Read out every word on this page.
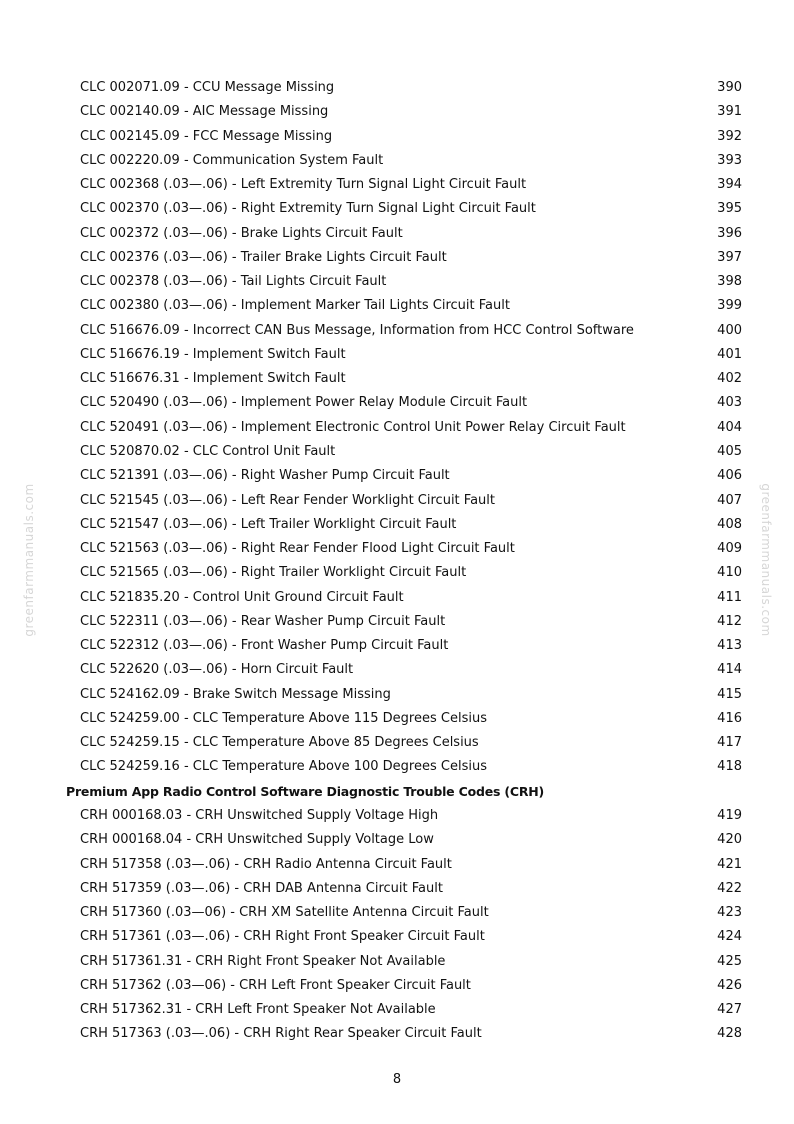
greenfarmmanuals.com	greenfarmmanuals.com
CLC 002071.09 - CCU Message Missing	390
CLC 002140.09 - AIC Message Missing	391
CLC 002145.09 - FCC Message Missing	392
CLC 002220.09 - Communication System Fault	393
CLC 002368 (.03—.06) - Left Extremity Turn Signal Light Circuit Fault	394
CLC 002370 (.03—.06) - Right Extremity Turn Signal Light Circuit Fault	395
CLC 002372 (.03—.06) - Brake Lights Circuit Fault	396
CLC 002376 (.03—.06) - Trailer Brake Lights Circuit Fault	397
CLC 002378 (.03—.06) - Tail Lights Circuit Fault	398
CLC 002380 (.03—.06) - Implement Marker Tail Lights Circuit Fault	399
CLC 516676.09 - Incorrect CAN Bus Message, Information from HCC Control Software	400
CLC 516676.19 - Implement Switch Fault	401
CLC 516676.31 - Implement Switch Fault	402
CLC 520490 (.03—.06) - Implement Power Relay Module Circuit Fault	403
CLC 520491 (.03—.06) - Implement Electronic Control Unit Power Relay Circuit Fault	404
CLC 520870.02 - CLC Control Unit Fault	405
CLC 521391 (.03—.06) - Right Washer Pump Circuit Fault	406
CLC 521545 (.03—.06) - Left Rear Fender Worklight Circuit Fault	407
CLC 521547 (.03—.06) - Left Trailer Worklight Circuit Fault	408
CLC 521563 (.03—.06) - Right Rear Fender Flood Light Circuit Fault	409
CLC 521565 (.03—.06) - Right Trailer Worklight Circuit Fault	410
CLC 521835.20 - Control Unit Ground Circuit Fault	411
CLC 522311 (.03—.06) - Rear Washer Pump Circuit Fault	412
CLC 522312 (.03—.06) - Front Washer Pump Circuit Fault	413
CLC 522620 (.03—.06) - Horn Circuit Fault	414
CLC 524162.09 - Brake Switch Message Missing	415
CLC 524259.00 - CLC Temperature Above 115 Degrees Celsius	416
CLC 524259.15 - CLC Temperature Above 85 Degrees Celsius	417
CLC 524259.16 - CLC Temperature Above 100 Degrees Celsius	418
Premium App Radio Control Software Diagnostic Trouble Codes (CRH)
CRH 000168.03 - CRH Unswitched Supply Voltage High	419
CRH 000168.04 - CRH Unswitched Supply Voltage Low	420
CRH 517358 (.03—.06) - CRH Radio Antenna Circuit Fault	421
CRH 517359 (.03—.06) - CRH DAB Antenna Circuit Fault	422
CRH 517360 (.03—06) - CRH XM Satellite Antenna Circuit Fault	423
CRH 517361 (.03—.06) - CRH Right Front Speaker Circuit Fault	424
CRH 517361.31 - CRH Right Front Speaker Not Available	425
CRH 517362 (.03—06) - CRH Left Front Speaker Circuit Fault	426
CRH 517362.31 - CRH Left Front Speaker Not Available	427
CRH 517363 (.03—.06) - CRH Right Rear Speaker Circuit Fault	428
8
